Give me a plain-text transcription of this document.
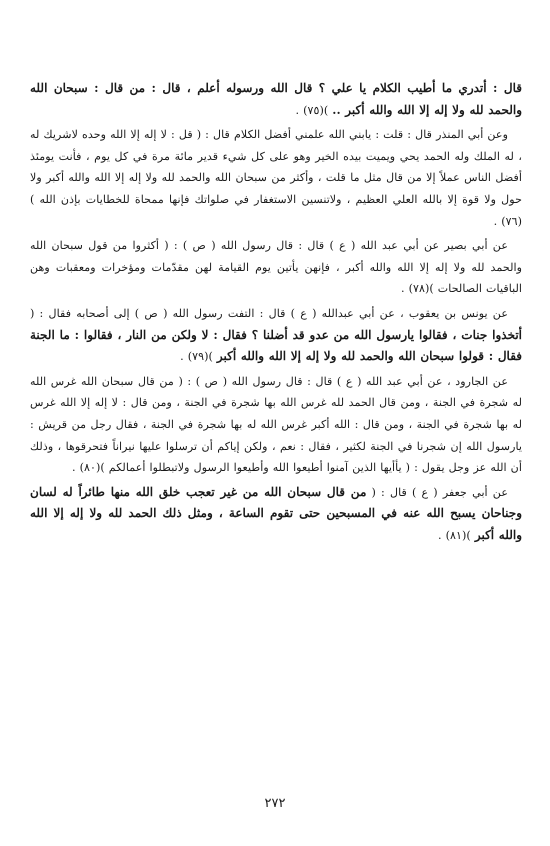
قال : أتدري ما أطيب الكلام يا علي ؟ قال الله ورسوله أعلم ، قال : من قال : سبحان الله والحمد لله ولا إله إلا الله والله أكبر .. )(٧٥) .

وعن أبي المنذر قال : قلت : يابني الله علمني أفضل الكلام قال : ( قل : لا إله إلا الله وحده لاشريك له ، له الملك وله الحمد يحي ويميت بيده الخير وهو على كل شيء قدير مائة مرة في كل يوم ، فأنت يومئذ أفضل الناس عملاً إلا من قال مثل ما قلت ، وأكثر من سبحان الله والحمد لله ولا إله إلا الله والله أكبر ولا حول ولا قوة إلا بالله العلي العظيم ، ولاتنسين الاستغفار في صلواتك فإنها ممحاة للخطايات بإذن الله )(٧٦) .

عن أبي بصير عن أبي عبد الله ( ع ) قال : قال رسول الله ( ص ) : ( أكثروا من قول سبحان الله والحمد لله ولا إله إلا الله والله أكبر ، فإنهن يأتين يوم القيامة لهن مقدّمات ومؤخرات ومعقبات وهن الباقيات الصالحات )(٧٨) .

عن يونس بن يعقوب ، عن أبي عبدالله ( ع ) قال : التفت رسول الله ( ص ) إلى أصحابه فقال : ( أتخذوا جنات ، فقالوا يارسول الله من عدو قد أضلنا ؟ فقال : لا ولكن من النار ، فقالوا : ما الجنة فقال : قولوا سبحان الله والحمد لله ولا إله إلا الله والله أكبر )(٧٩) .

عن الجارود ، عن أبي عبد الله ( ع ) قال : قال رسول الله ( ص ) : ( من قال سبحان الله غرس الله له شجرة في الجنة ، ومن قال الحمد لله غرس الله بها شجرة في الجنة ، ومن قال : لا إله إلا الله غرس له بها شجرة في الجنة ، ومن قال : الله أكبر غرس الله له بها شجرة في الجنة ، فقال رجل من قريش : يارسول الله إن شجرنا في الجنة لكثير ، فقال : نعم ، ولكن إياكم أن ترسلوا عليها نيراناً فتحرقوها ، وذلك أن الله عز وجل يقول : ( يأأيها الذين آمنوا أطيعوا الله وأطيعوا الرسول ولاتبطلوا أعمالكم )(٨٠) .

عن أبي جعفر ( ع ) قال : ( من قال سبحان الله من غير تعجب خلق الله منها طائراً له لسان وجناحان يسبح الله عنه في المسبحين حتى تقوم الساعة ، ومثل ذلك الحمد لله ولا إله إلا الله والله أكبر )(٨١) .

٢٧٢
